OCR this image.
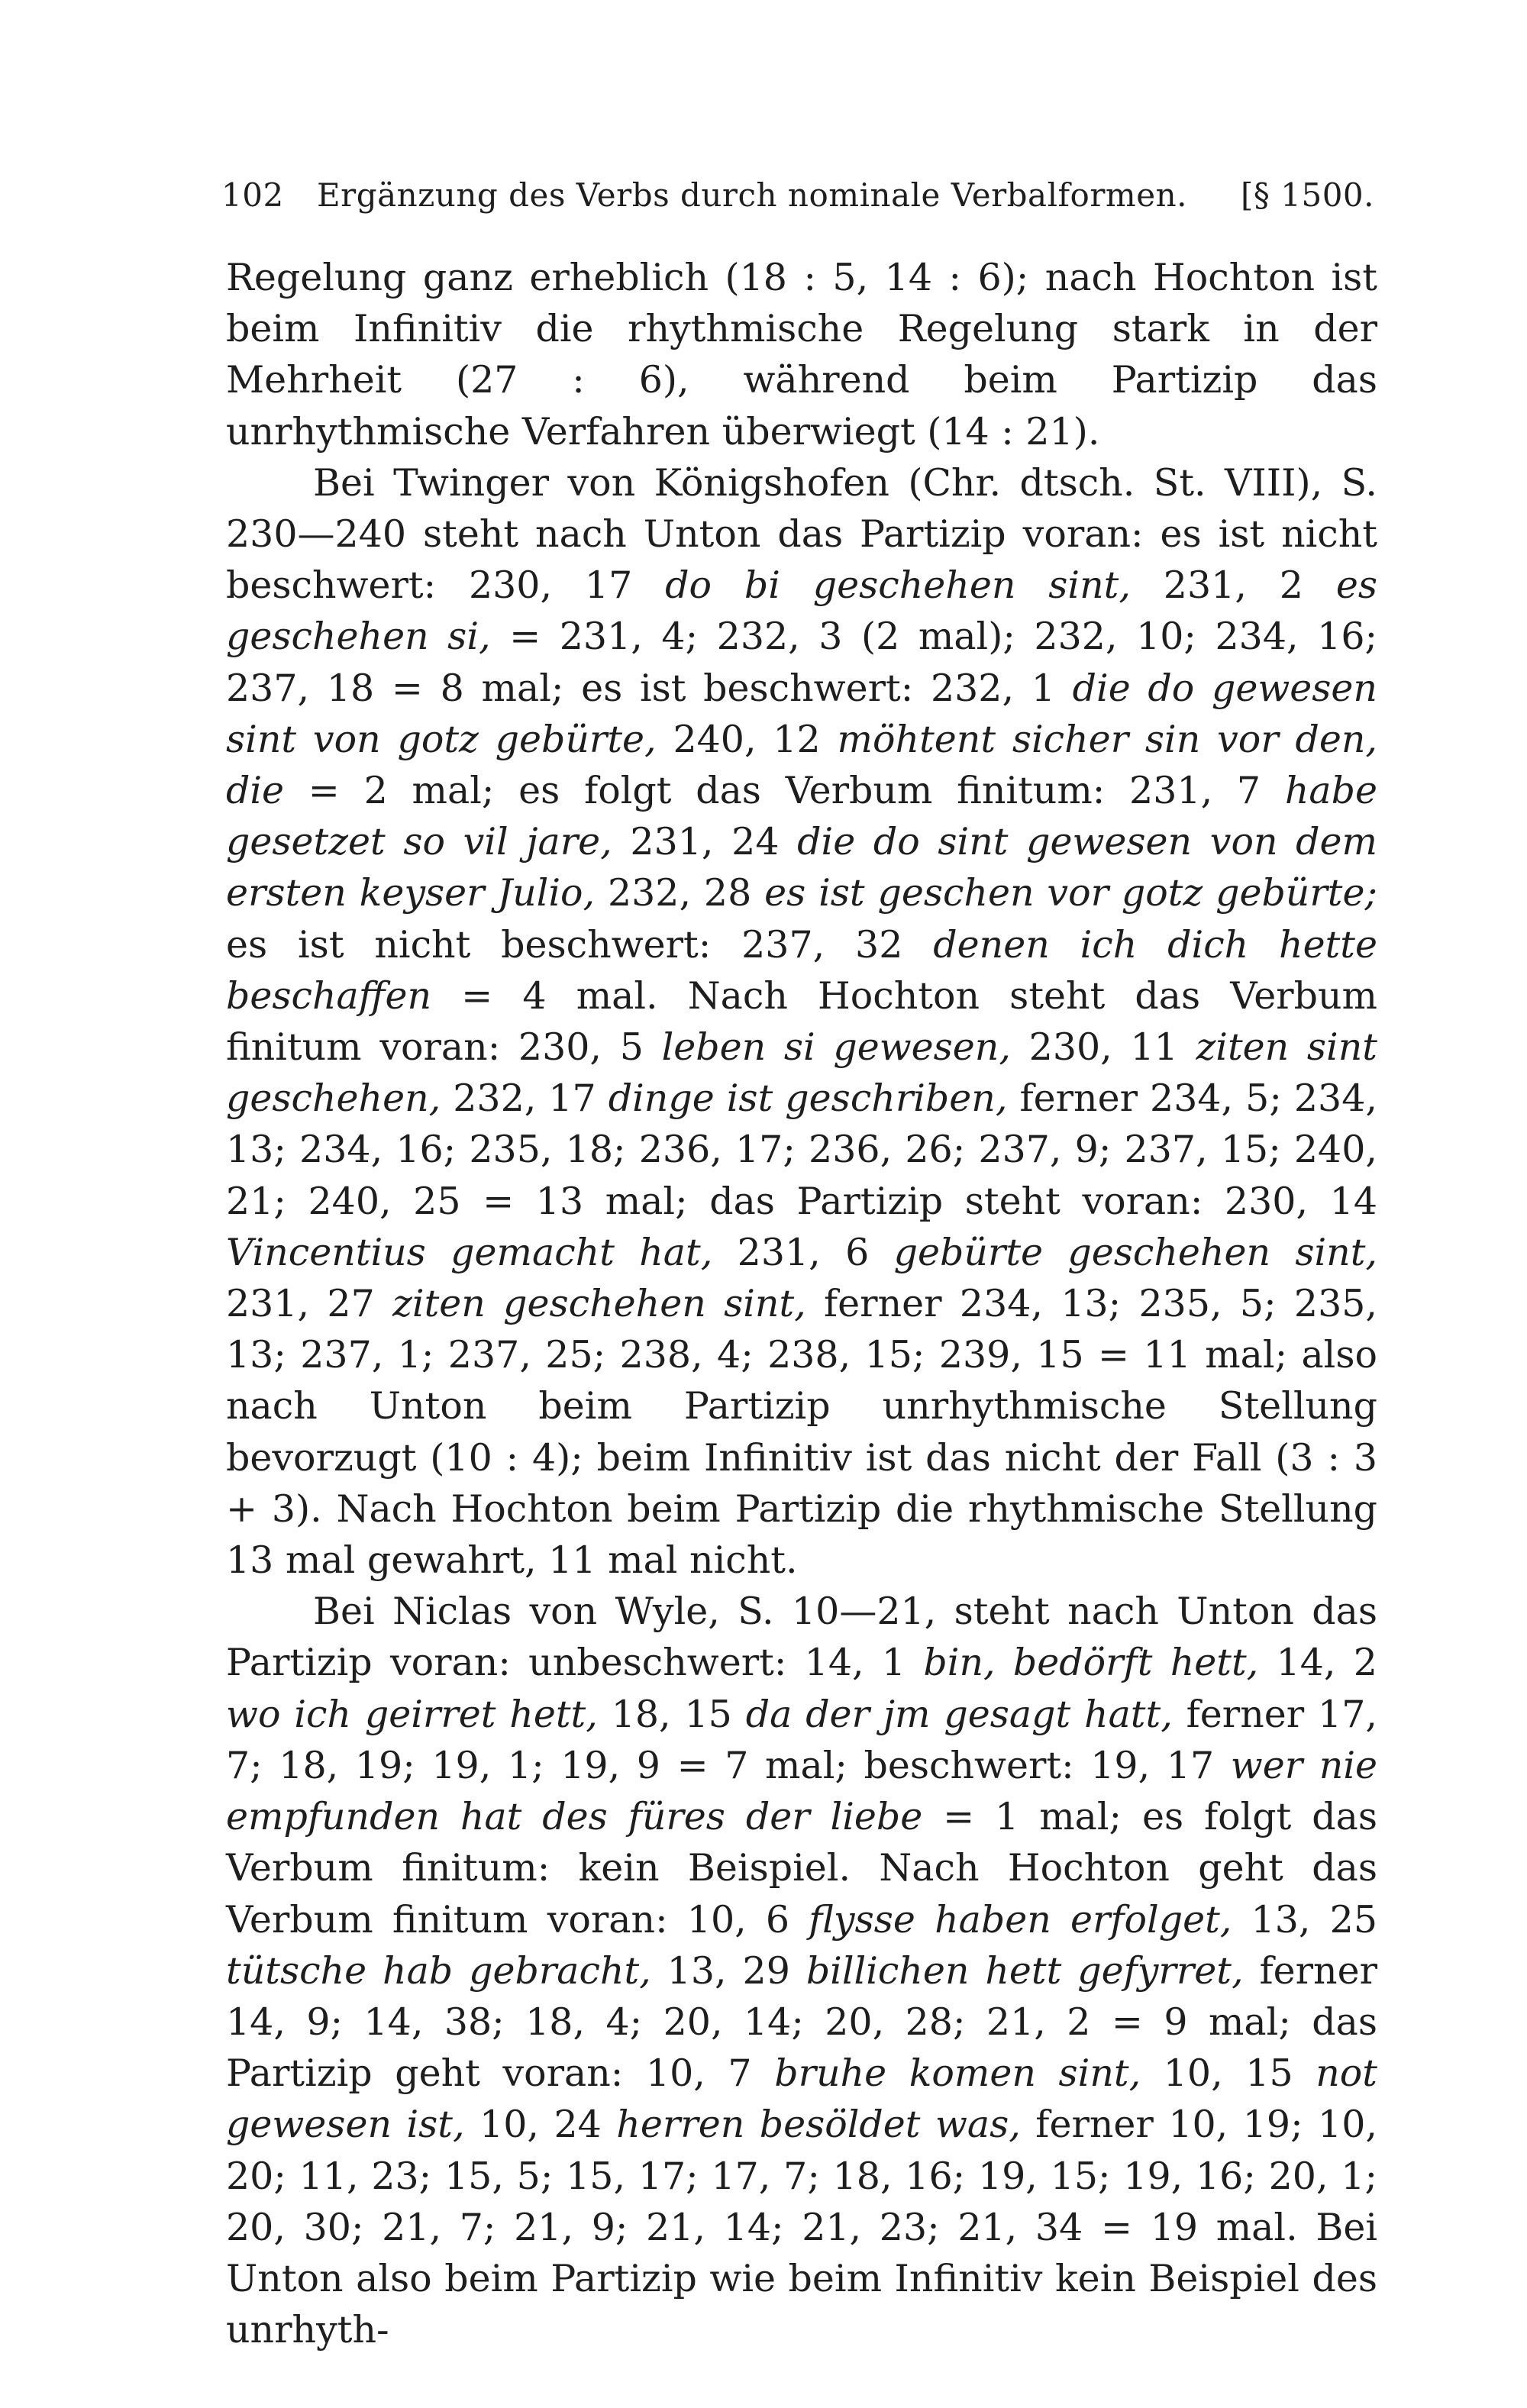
102	Ergänzung des Verbs durch nominale Verbalformen.	[§ 1500.

Regelung ganz erheblich (18 : 5, 14 : 6); nach Hochton ist beim Infinitiv die rhythmische Regelung stark in der Mehrheit (27 : 6), während beim Partizip das unrhythmische Verfahren überwiegt (14 : 21).

Bei Twinger von Königshofen (Chr. dtsch. St. VIII), S. 230—240 steht nach Unton das Partizip voran: es ist nicht beschwert: 230, 17 do bi geschehen sint, 231, 2 es geschehen si, = 231, 4; 232, 3 (2 mal); 232, 10; 234, 16; 237, 18 = 8 mal; es ist beschwert: 232, 1 die do gewesen sint von gotz gebürte, 240, 12 möhtent sicher sin vor den, die = 2 mal; es folgt das Verbum finitum: 231, 7 habe gesetzet so vil jare, 231, 24 die do sint gewesen von dem ersten keyser Julio, 232, 28 es ist geschen vor gotz gebürte; es ist nicht beschwert: 237, 32 denen ich dich hette beschaffen = 4 mal. Nach Hochton steht das Verbum finitum voran: 230, 5 leben si gewesen, 230, 11 ziten sint geschehen, 232, 17 dinge ist geschriben, ferner 234, 5; 234, 13; 234, 16; 235, 18; 236, 17; 236, 26; 237, 9; 237, 15; 240, 21; 240, 25 = 13 mal; das Partizip steht voran: 230, 14 Vincentius gemacht hat, 231, 6 gebürte geschehen sint, 231, 27 ziten geschehen sint, ferner 234, 13; 235, 5; 235, 13; 237, 1; 237, 25; 238, 4; 238, 15; 239, 15 = 11 mal; also nach Unton beim Partizip unrhythmische Stellung bevorzugt (10 : 4); beim Infinitiv ist das nicht der Fall (3 : 3 + 3). Nach Hochton beim Partizip die rhythmische Stellung 13 mal gewahrt, 11 mal nicht.

Bei Niclas von Wyle, S. 10—21, steht nach Unton das Partizip voran: unbeschwert: 14, 1 bin, bedörft hett, 14, 2 wo ich geirret hett, 18, 15 da der jm gesagt hatt, ferner 17, 7; 18, 19; 19, 1; 19, 9 = 7 mal; beschwert: 19, 17 wer nie empfunden hat des füres der liebe = 1 mal; es folgt das Verbum finitum: kein Beispiel. Nach Hochton geht das Verbum finitum voran: 10, 6 flysse haben erfolget, 13, 25 tütsche hab gebracht, 13, 29 billichen hett gefyrret, ferner 14, 9; 14, 38; 18, 4; 20, 14; 20, 28; 21, 2 = 9 mal; das Partizip geht voran: 10, 7 bruhe komen sint, 10, 15 not gewesen ist, 10, 24 herren besöldet was, ferner 10, 19; 10, 20; 11, 23; 15, 5; 15, 17; 17, 7; 18, 16; 19, 15; 19, 16; 20, 1; 20, 30; 21, 7; 21, 9; 21, 14; 21, 23; 21, 34 = 19 mal. Bei Unton also beim Partizip wie beim Infinitiv kein Beispiel des unrhyth-
